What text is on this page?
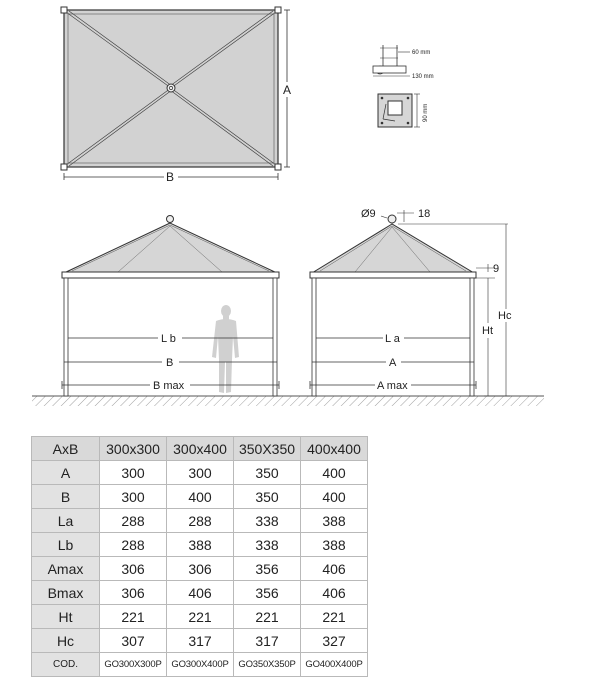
A
B
60 mm
130 mm
90 mm
Ø9	18
9
Ht
Hc
L b
B
B max
L a
A
A max
AxB	300x300	300x400	350X350	400x400
A	300	300	350	400
B	300	400	350	400
La	288	288	338	388
Lb	288	388	338	388
Amax	306	306	356	406
Bmax	306	406	356	406
Ht	221	221	221	221
Hc	307	317	317	327
COD.	GO300X300P	GO300X400P	GO350X350P	GO400X400P
